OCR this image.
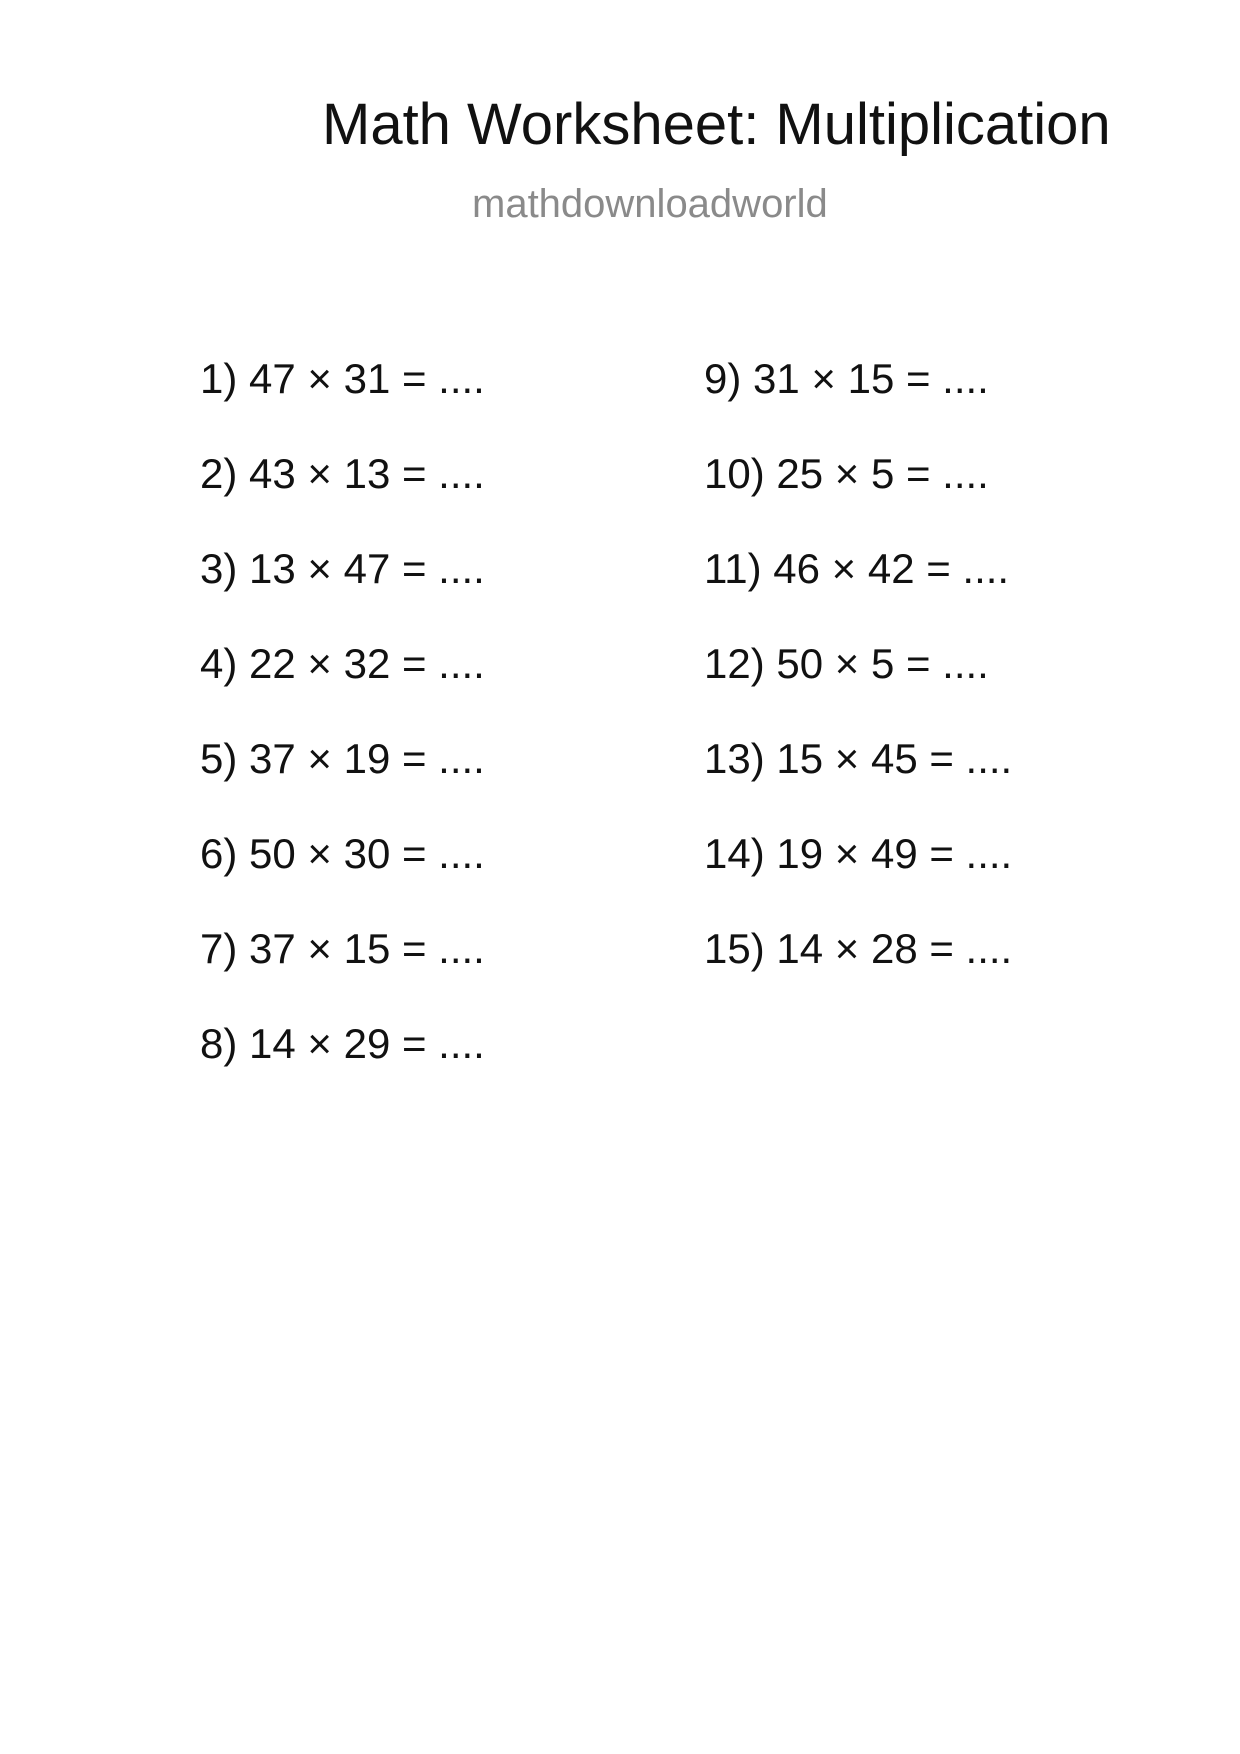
Math Worksheet: Multiplication
mathdownloadworld
1) 47 × 31 = ....
2) 43 × 13 = ....
3) 13 × 47 = ....
4) 22 × 32 = ....
5) 37 × 19 = ....
6) 50 × 30 = ....
7) 37 × 15 = ....
8) 14 × 29 = ....
9) 31 × 15 = ....
10) 25 × 5 = ....
11) 46 × 42 = ....
12) 50 × 5 = ....
13) 15 × 45 = ....
14) 19 × 49 = ....
15) 14 × 28 = ....
